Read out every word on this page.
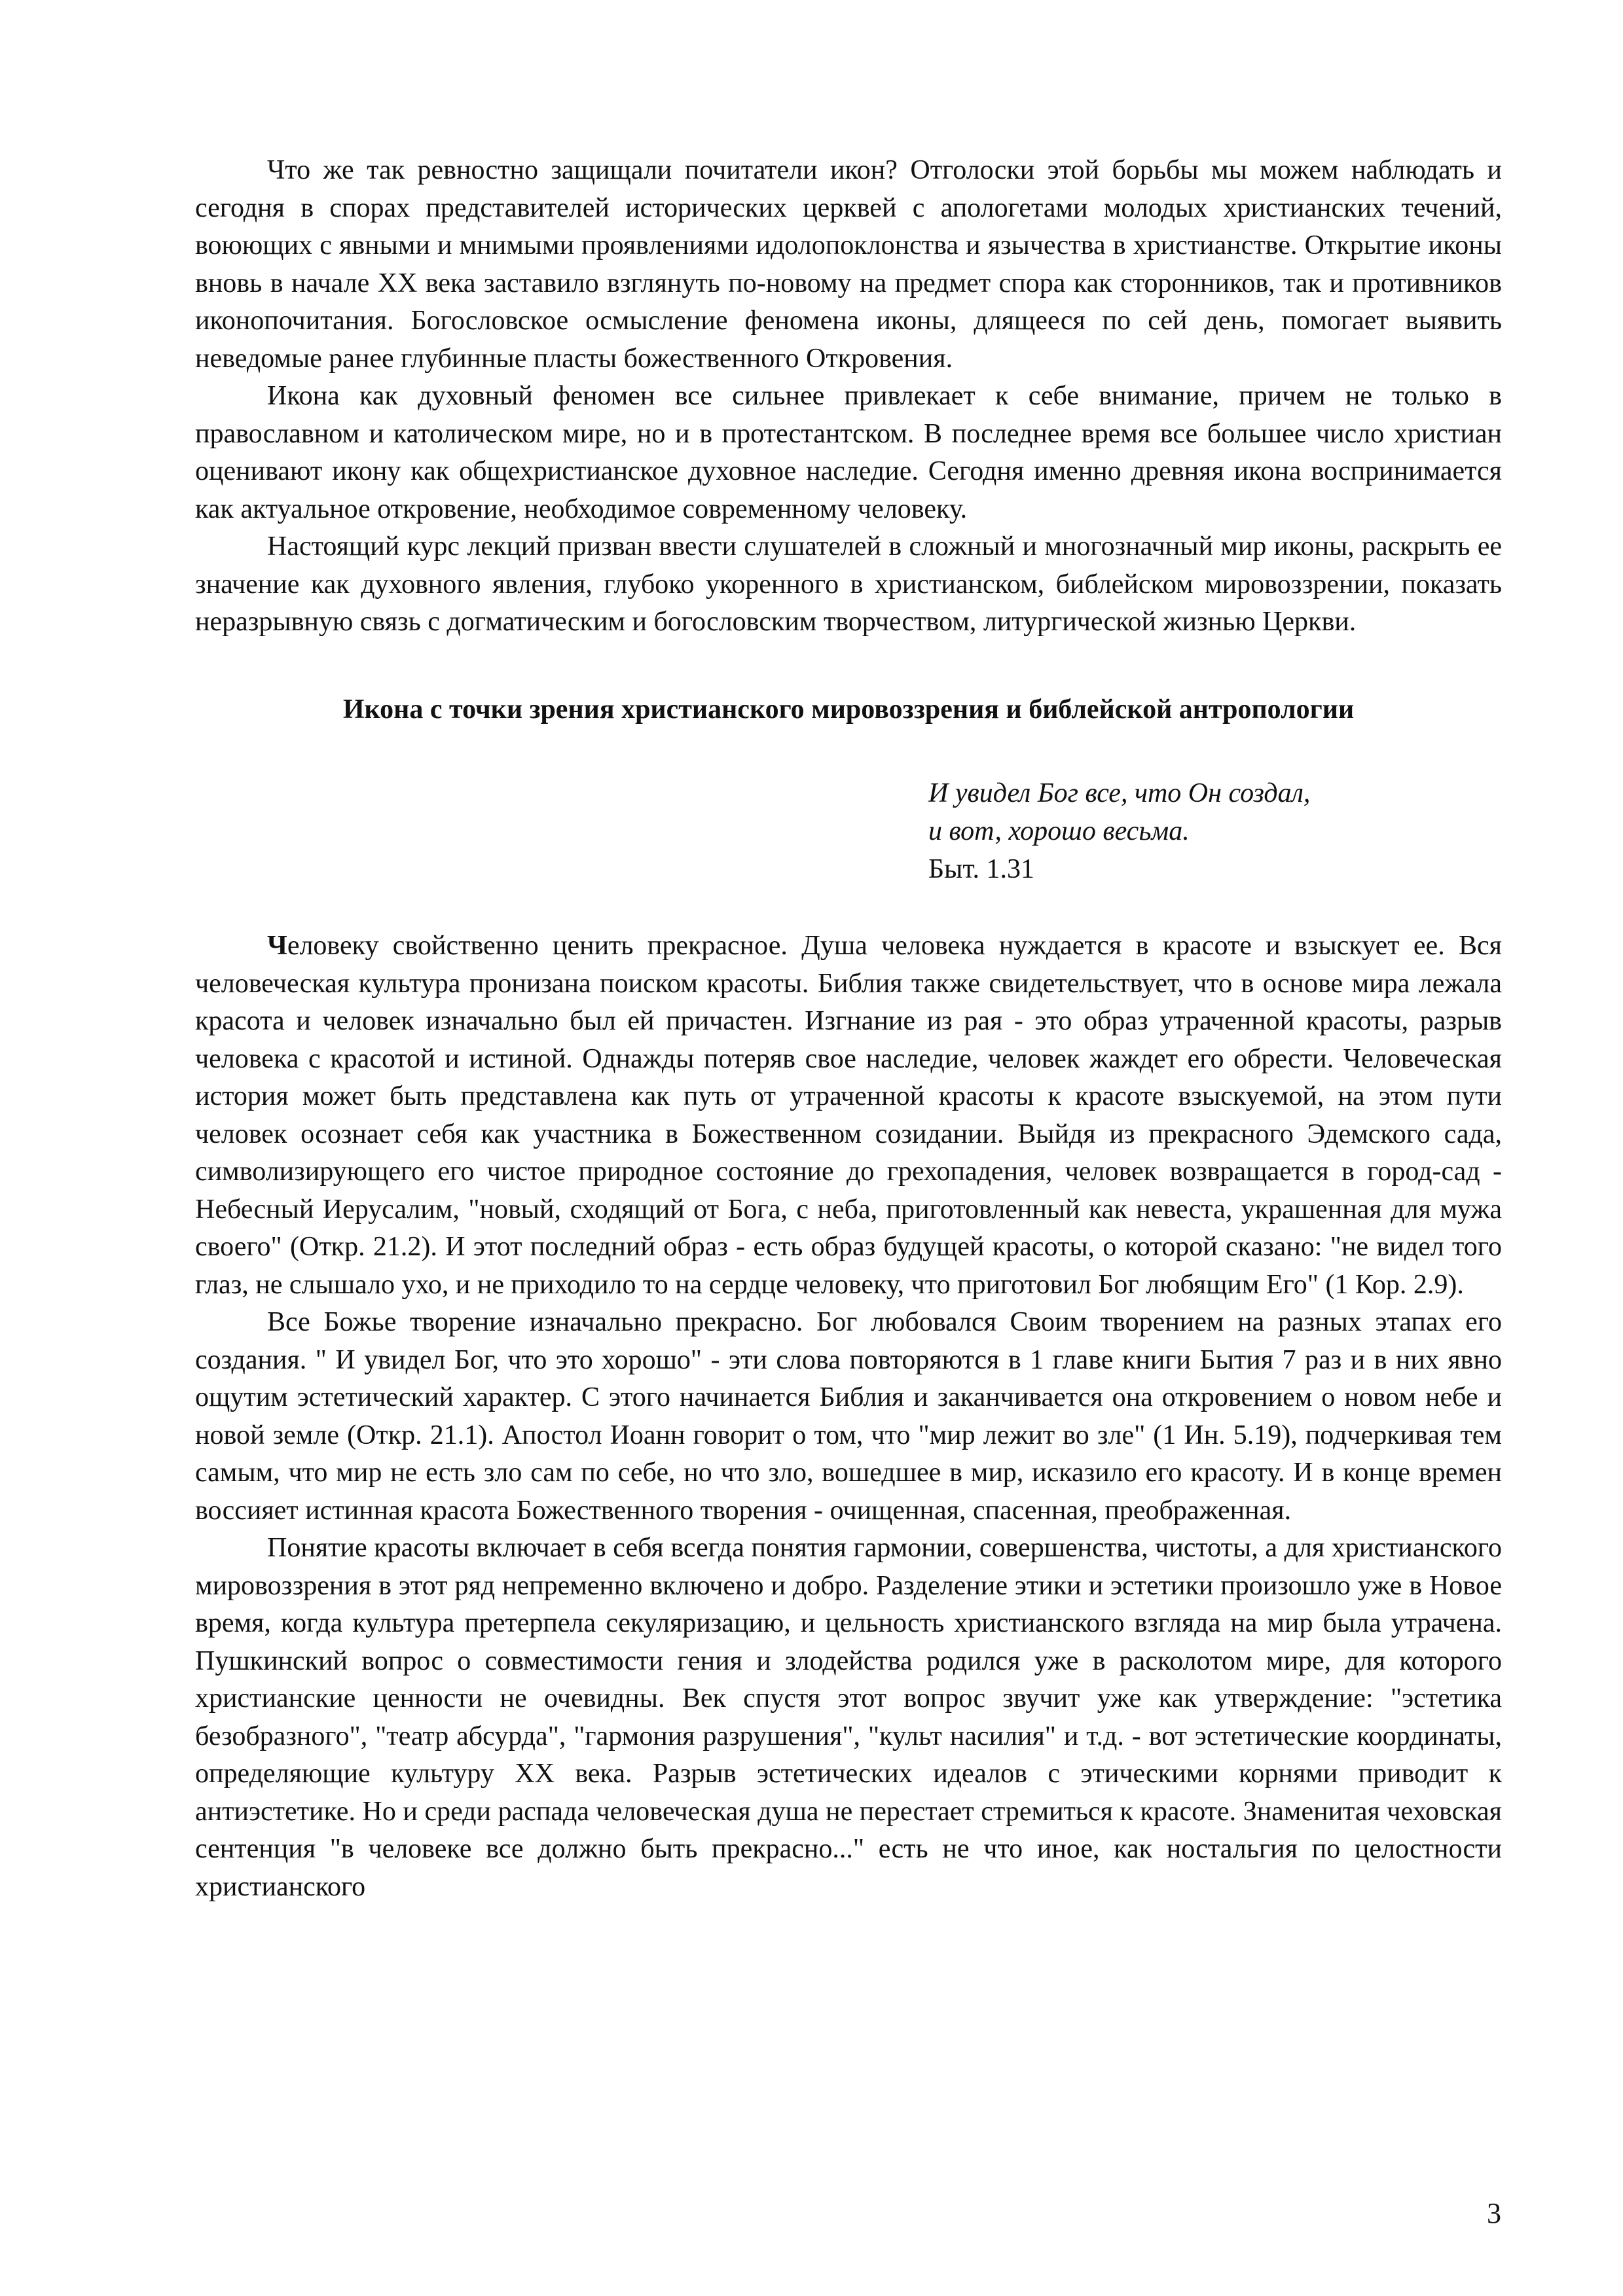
Что же так ревностно защищали почитатели икон? Отголоски этой борьбы мы можем наблюдать и сегодня в спорах представителей исторических церквей с апологетами молодых христианских течений, воюющих с явными и мнимыми проявлениями идолопоклонства и язычества в христианстве. Открытие иконы вновь в начале XX века заставило взглянуть по-новому на предмет спора как сторонников, так и противников иконопочитания. Богословское осмысление феномена иконы, длящееся по сей день, помогает выявить неведомые ранее глубинные пласты божественного Откровения.

Икона как духовный феномен все сильнее привлекает к себе внимание, причем не только в православном и католическом мире, но и в протестантском. В последнее время все большее число христиан оценивают икону как общехристианское духовное наследие. Сегодня именно древняя икона воспринимается как актуальное откровение, необходимое современному человеку.

Настоящий курс лекций призван ввести слушателей в сложный и многозначный мир иконы, раскрыть ее значение как духовного явления, глубоко укоренного в христианском, библейском мировоззрении, показать неразрывную связь с догматическим и богословским творчеством, литургической жизнью Церкви.

Икона с точки зрения христианского мировоззрения и библейской антропологии
И увидел Бог все, что Он создал,
и вот, хорошо весьма.
Быт. 1.31

Человеку свойственно ценить прекрасное. Душа человека нуждается в красоте и взыскует ее. Вся человеческая культура пронизана поиском красоты. Библия также свидетельствует, что в основе мира лежала красота и человек изначально был ей причастен. Изгнание из рая - это образ утраченной красоты, разрыв человека с красотой и истиной. Однажды потеряв свое наследие, человек жаждет его обрести. Человеческая история может быть представлена как путь от утраченной красоты к красоте взыскуемой, на этом пути человек осознает себя как участника в Божественном созидании. Выйдя из прекрасного Эдемского сада, символизирующего его чистое природное состояние до грехопадения, человек возвращается в город-сад - Небесный Иерусалим, "новый, сходящий от Бога, с неба, приготовленный как невеста, украшенная для мужа своего" (Откр. 21.2). И этот последний образ - есть образ будущей красоты, о которой сказано: "не видел того глаз, не слышало ухо, и не приходило то на сердце человеку, что приготовил Бог любящим Его" (1 Кор. 2.9).

Все Божье творение изначально прекрасно. Бог любовался Своим творением на разных этапах его создания. " И увидел Бог, что это хорошо" - эти слова повторяются в 1 главе книги Бытия 7 раз и в них явно ощутим эстетический характер. С этого начинается Библия и заканчивается она откровением о новом небе и новой земле (Откр. 21.1). Апостол Иоанн говорит о том, что "мир лежит во зле" (1 Ин. 5.19), подчеркивая тем самым, что мир не есть зло сам по себе, но что зло, вошедшее в мир, исказило его красоту. И в конце времен воссияет истинная красота Божественного творения - очищенная, спасенная, преображенная.

Понятие красоты включает в себя всегда понятия гармонии, совершенства, чистоты, а для христианского мировоззрения в этот ряд непременно включено и добро. Разделение этики и эстетики произошло уже в Новое время, когда культура претерпела секуляризацию, и цельность христианского взгляда на мир была утрачена. Пушкинский вопрос о совместимости гения и злодейства родился уже в расколотом мире, для которого христианские ценности не очевидны. Век спустя этот вопрос звучит уже как утверждение: "эстетика безобразного", "театр абсурда", "гармония разрушения", "культ насилия" и т.д. - вот эстетические координаты, определяющие культуру XX века. Разрыв эстетических идеалов с этическими корнями приводит к антиэстетике. Но и среди распада человеческая душа не перестает стремиться к красоте. Знаменитая чеховская сентенция "в человеке все должно быть прекрасно..." есть не что иное, как ностальгия по целостности христианского

3
